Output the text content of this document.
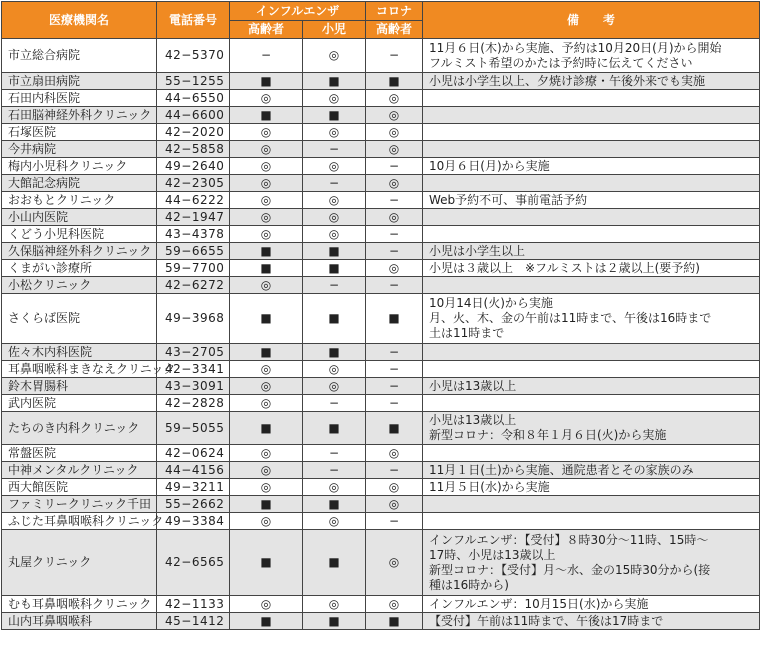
医療機関名	電話番号	インフルエンザ		コロナ	備　　考
		高齢者	小児	高齢者	
市立総合病院	42−5370	−	◎	−	11月６日(木)から実施、予約は10月20日(月)から開始
フルミスト希望のかたは予約時に伝えてください

市立扇田病院	55−1255	■	■	■	小児は小学生以上、夕焼け診療・午後外来でも実施

石田内科医院	44−6550	◎	◎	◎	
石田脳神経外科クリニック	44−6600	■	■	◎	
石塚医院	42−2020	◎	◎	◎	
今井病院	42−5858	◎	−	◎	
梅内小児科クリニック	49−2640	◎	◎	−	10月６日(月)から実施

大館記念病院	42−2305	◎	−	◎	
おおもとクリニック	44−6222	◎	◎	−	Web予約不可、事前電話予約

小山内医院	42−1947	◎	◎	◎	
くどう小児科医院	43−4378	◎	◎	−	
久保脳神経外科クリニック	59−6655	■	■	−	小児は小学生以上

くまがい診療所	59−7700	■	■	◎	小児は３歳以上　※フルミストは２歳以上(要予約)

小松クリニック	42−6272	◎	−	−	
さくらば医院	49−3968	■	■	■	10月14日(火)から実施
月、火、木、金の午前は11時まで、午後は16時まで
土は11時まで

佐々木内科医院	43−2705	■	■	−	
耳鼻咽喉科まきなえクリニック	42−3341	◎	◎	−	
鈴木胃腸科	43−3091	◎	◎	−	小児は13歳以上

武内医院	42−2828	◎	−	−	
たちのき内科クリニック	59−5055	■	■	■	小児は13歳以上
新型コロナ：令和８年１月６日(火)から実施

常盤医院	42−0624	◎	−	◎	
中神メンタルクリニック	44−4156	◎	−	−	11月１日(土)から実施、通院患者とその家族のみ

西大館医院	49−3211	◎	◎	◎	11月５日(水)から実施

ファミリークリニック千田	55−2662	■	■	◎	
ふじた耳鼻咽喉科クリニック	49−3384	◎	◎	−	
丸屋クリニック	42−6565	■	■	◎	インフルエンザ：【受付】８時30分〜11時、15時〜
17時、小児は13歳以上
新型コロナ：【受付】月〜水、金の15時30分から(接
種は16時から)

むも耳鼻咽喉科クリニック	42−1133	◎	◎	◎	インフルエンザ：10月15日(水)から実施

山内耳鼻咽喉科	45−1412	■	■	■	【受付】午前は11時まで、午後は17時まで
